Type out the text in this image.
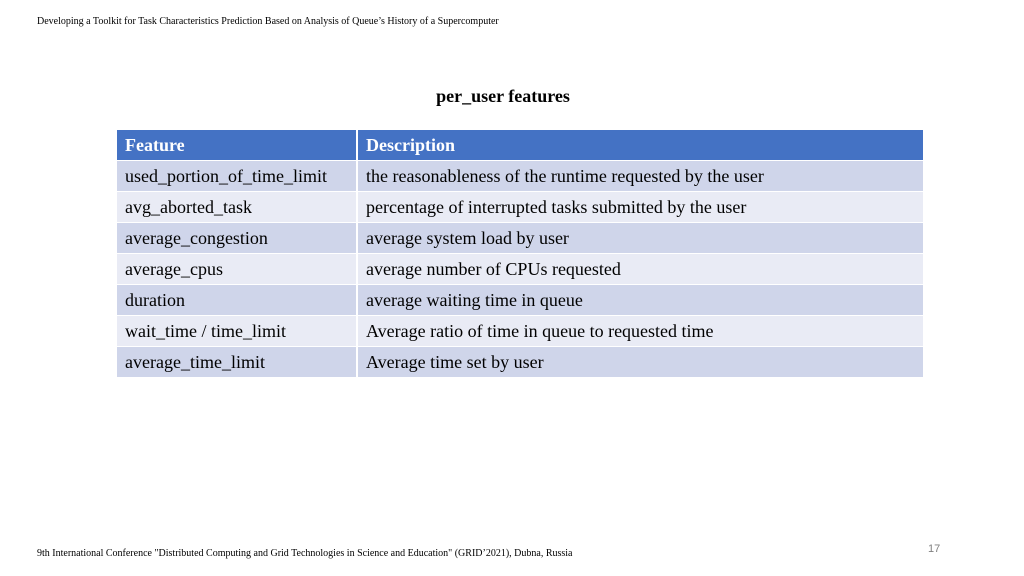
Developing a Toolkit for Task Characteristics Prediction Based on Analysis of Queue’s History of a Supercomputer
per_user features
Feature	Description
used_portion_of_time_limit	the reasonableness of the runtime requested by the user
avg_aborted_task	percentage of interrupted tasks submitted by the user
average_congestion	average system load by user
average_cpus	average number of CPUs requested
duration	average waiting time in queue
wait_time / time_limit	Average ratio of time in queue to requested time
average_time_limit	Average time set by user
9th International Conference "Distributed Computing and Grid Technologies in Science and Education" (GRID’2021), Dubna, Russia	17
